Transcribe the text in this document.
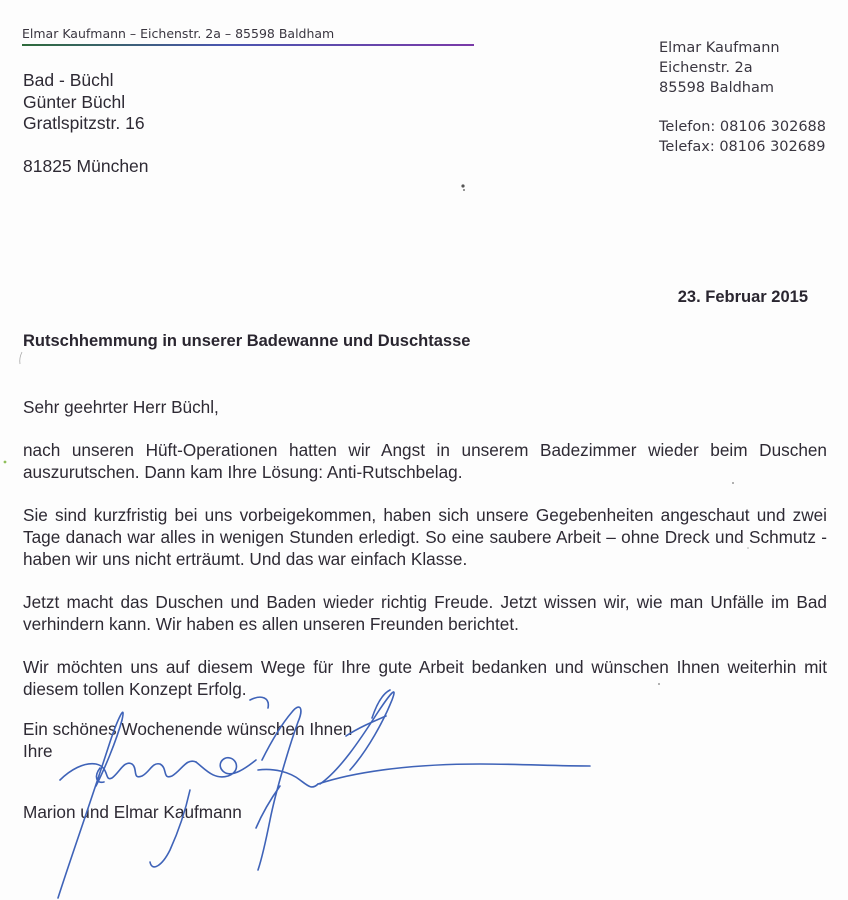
Elmar Kaufmann – Eichenstr. 2a – 85598 Baldham
Bad - Büchl
Günter Büchl
Gratlspitzstr. 16
81825 München
Elmar Kaufmann
Eichenstr. 2a
85598 Baldham
Telefon: 08106 302688
Telefax: 08106 302689
23. Februar 2015
Rutschhemmung in unserer Badewanne und Duschtasse

Sehr geehrter Herr Büchl,

nach unseren Hüft-Operationen hatten wir Angst in unserem Badezimmer wieder beim Duschen auszurutschen. Dann kam Ihre Lösung: Anti-Rutschbelag.

Sie sind kurzfristig bei uns vorbeigekommen, haben sich unsere Gegebenheiten angeschaut und zwei Tage danach war alles in wenigen Stunden erledigt. So eine saubere Arbeit – ohne Dreck und Schmutz - haben wir uns nicht erträumt. Und das war einfach Klasse.

Jetzt macht das Duschen und Baden wieder richtig Freude. Jetzt wissen wir, wie man Unfälle im Bad verhindern kann. Wir haben es allen unseren Freunden berichtet.

Wir möchten uns auf diesem Wege für Ihre gute Arbeit bedanken und wünschen Ihnen weiterhin mit diesem tollen Konzept Erfolg.

Ein schönes Wochenende wünschen Ihnen
Ihre
Marion und Elmar Kaufmann
